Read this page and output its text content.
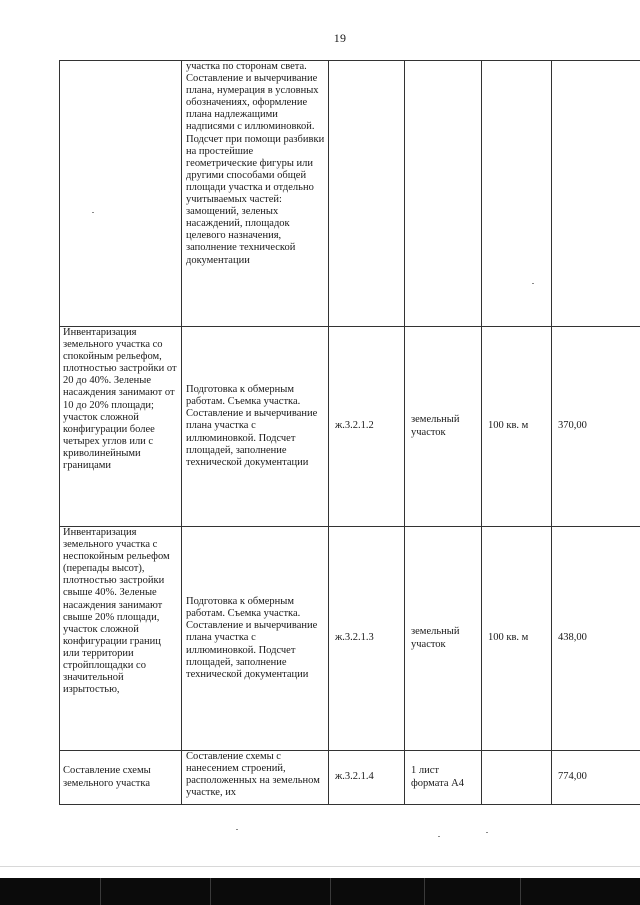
19
	участка по сторонам света. Составление и вычерчивание плана, нумерация в условных обозначениях, оформление плана надлежащими надписями с иллюминовкой. Подсчет при помощи разбивки на простейшие геометрические фигуры или другими способами общей площади участка и отдельно учитываемых частей: замощений, зеленых насаждений, площадок целевого назначения, заполнение технической документации				
Инвентаризация земельного участка со спокойным рельефом, плотностью застройки от 20 до 40%. Зеленые насаждения занимают от 10 до 20% площади; участок сложной конфигурации более четырех углов или с криволинейными границами	Подготовка к обмерным работам. Съемка участка. Составление и вычерчивание плана участка с иллюминовкой. Подсчет площадей, заполнение технической документации	ж.3.2.1.2	земельный участок	100 кв. м	370,00
Инвентаризация земельного участка с неспокойным рельефом (перепады высот), плотностью застройки свыше 40%. Зеленые насаждения занимают свыше 20% площади, участок сложной конфигурации границ или территории стройплощадки со значительной изрытостью,	Подготовка к обмерным работам. Съемка участка. Составление и вычерчивание плана участка с иллюминовкой. Подсчет площадей, заполнение технической документации	ж.3.2.1.3	земельный участок	100 кв. м	438,00
Составление схемы земельного участка	Составление схемы с нанесением строений, расположенных на земельном участке, их	ж.3.2.1.4	1 лист формата А4		774,00
